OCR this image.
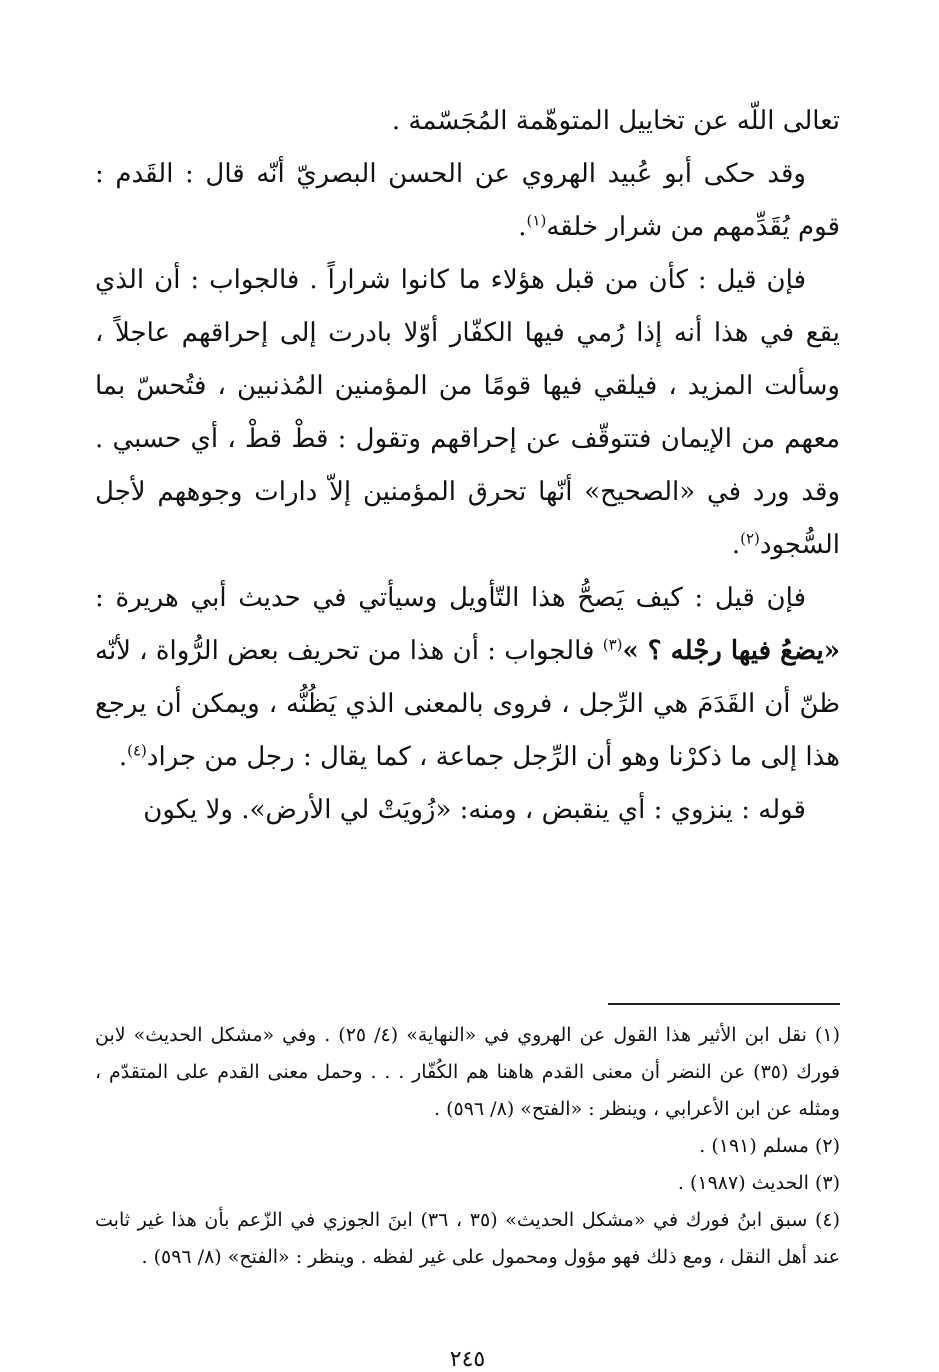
تعالى اللّه عن تخاييل المتوهّمة المُجَسّمة .

وقد حكى أبو عُبيد الهروي عن الحسن البصريّ أنّه قال : القَدم : قوم يُقَدِّمهم من شرار خلقه$^{(١)}$.

فإن قيل : كأن من قبل هؤلاء ما كانوا شراراً . فالجواب : أن الذي يقع في هذا أنه إذا رُمي فيها الكفّار أوّلا بادرت إلى إحراقهم عاجلاً ، وسألت المزيد ، فيلقي فيها قومًا من المؤمنين المُذنبين ، فتُحسّ بما معهم من الإيمان فتتوقّف عن إحراقهم وتقول : قطْ قطْ ، أي حسبي . وقد ورد في «الصحيح» أنّها تحرق المؤمنين إلاّ دارات وجوههم لأجل السُّجود$^{(٢)}$.

فإن قيل : كيف يَصحُّ هذا التّأويل وسيأتي في حديث أبي هريرة : «يضعُ فيها رجْله ؟ »$^{(٣)}$ فالجواب : أن هذا من تحريف بعض الرُّواة ، لأنّه ظنّ أن القَدَمَ هي الرِّجل ، فروى بالمعنى الذي يَظُنُّه ، ويمكن أن يرجع هذا إلى ما ذكرْنا وهو أن الرِّجل جماعة ، كما يقال : رجل من جراد$^{(٤)}$.

قوله : ينزوي : أي ينقبض ، ومنه: «زُويَتْ لي الأرض». ولا يكون

(١) نقل ابن الأثير هذا القول عن الهروي في «النهاية» (٤/ ٢٥) . وفي «مشكل الحديث» لابن فورك (٣٥) عن النضر أن معنى القدم هاهنا هم الكُفّار . . . وحمل معنى القدم على المتقدّم ، ومثله عن ابن الأعرابي ، وينظر : «الفتح» (٨/ ٥٩٦) .

(٢) مسلم (١٩١) .

(٣) الحديث (١٩٨٧) .

(٤) سبق ابنُ فورك في «مشكل الحديث» (٣٥ ، ٣٦) ابنَ الجوزي في الزّعم بأن هذا غير ثابت عند أهل النقل ، ومع ذلك فهو مؤول ومحمول على غير لفظه . وينظر : «الفتح» (٨/ ٥٩٦) .

٢٤٥
